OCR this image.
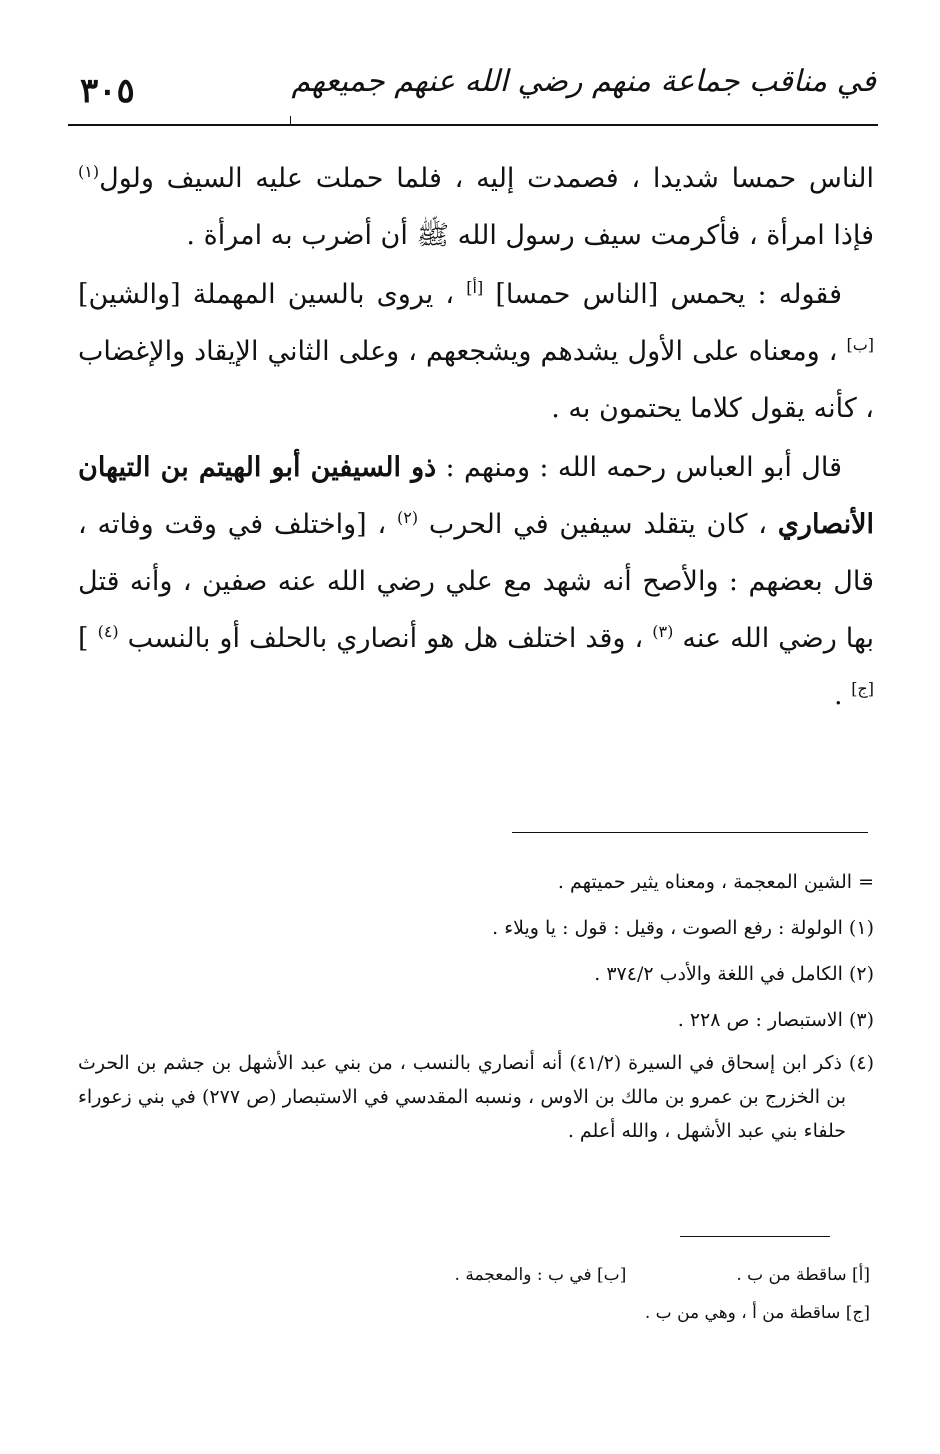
٣٠٥	في مناقب جماعة منهم رضي الله عنهم جميعهم

الناس حمسا شديدا ، فصمدت إليه ، فلما حملت عليه السيف ولول$^{(١)}$ فإذا امرأة ، فأكرمت سيف رسول الله ﷺ أن أضرب به امرأة .

فقوله : يحمس [الناس حمسا] [أ] ، يروى بالسين المهملة [والشين] [ب] ، ومعناه على الأول يشدهم ويشجعهم ، وعلى الثاني الإيقاد والإغضاب ، كأنه يقول كلاما يحتمون به .

قال أبو العباس رحمه الله : ومنهم : ذو السيفين أبو الهيتم بن التيهان الأنصاري ، كان يتقلد سيفين في الحرب $^{(٢)}$ ، [واختلف في وقت وفاته ، قال بعضهم : والأصح أنه شهد مع علي رضي الله عنه صفين ، وأنه قتل بها رضي الله عنه $^{(٣)}$ ، وقد اختلف هل هو أنصاري بالحلف أو بالنسب $^{(٤)}$ ] [ج] .

= الشين المعجمة ، ومعناه يثير حميتهم .
(١) الولولة : رفع الصوت ، وقيل : قول : يا ويلاء .
(٢) الكامل في اللغة والأدب ٣٧٤/٢ .
(٣) الاستبصار : ص ٢٢٨ .
(٤) ذكر ابن إسحاق في السيرة (٤١/٢) أنه أنصاري بالنسب ، من بني عبد الأشهل بن جشم بن الحرث بن الخزرج بن عمرو بن مالك بن الاوس ، ونسبه المقدسي في الاستبصار (ص ٢٧٧) في بني زعوراء حلفاء بني عبد الأشهل ، والله أعلم .
[أ] ساقطة من ب .
[ب] في ب : والمعجمة .
[ج] ساقطة من أ ، وهي من ب .
